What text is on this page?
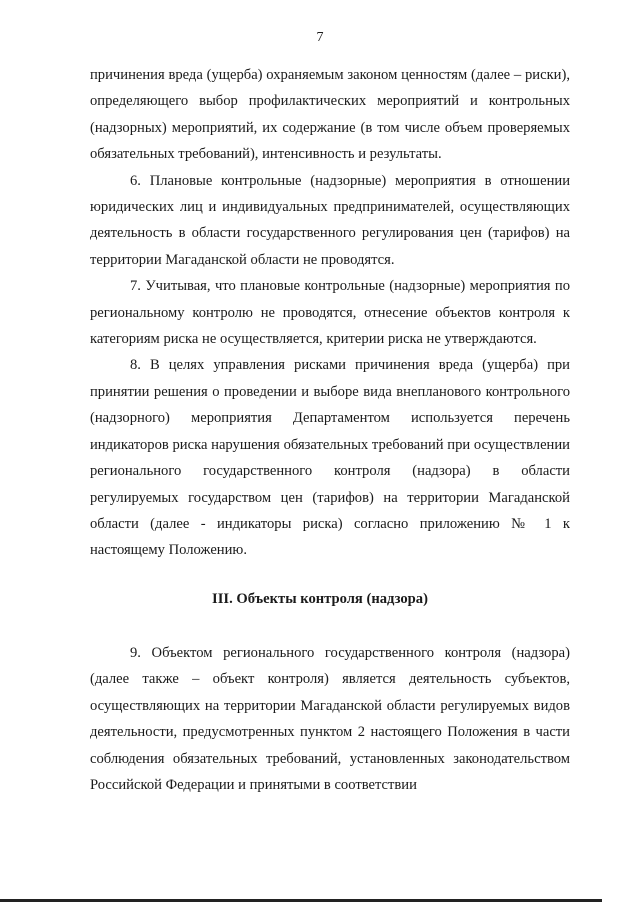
7

причинения вреда (ущерба) охраняемым законом ценностям (далее – риски), определяющего выбор профилактических мероприятий и контрольных (надзорных) мероприятий, их содержание (в том числе объем проверяемых обязательных требований), интенсивность и результаты.

6. Плановые контрольные (надзорные) мероприятия в отношении юридических лиц и индивидуальных предпринимателей, осуществляющих деятельность в области государственного регулирования цен (тарифов) на территории Магаданской области не проводятся.

7. Учитывая, что плановые контрольные (надзорные) мероприятия по региональному контролю не проводятся, отнесение объектов контроля к категориям риска не осуществляется, критерии риска не утверждаются.

8. В целях управления рисками причинения вреда (ущерба) при принятии решения о проведении и выборе вида внепланового контрольного (надзорного) мероприятия Департаментом используется перечень индикаторов риска нарушения обязательных требований при осуществлении регионального государственного контроля (надзора) в области регулируемых государством цен (тарифов) на территории Магаданской области (далее - индикаторы риска) согласно приложению № 1 к настоящему Положению.

III. Объекты контроля (надзора)

9. Объектом регионального государственного контроля (надзора) (далее также – объект контроля) является деятельность субъектов, осуществляющих на территории Магаданской области регулируемых видов деятельности, предусмотренных пунктом 2 настоящего Положения в части соблюдения обязательных требований, установленных законодательством Российской Федерации и принятыми в соответствии
